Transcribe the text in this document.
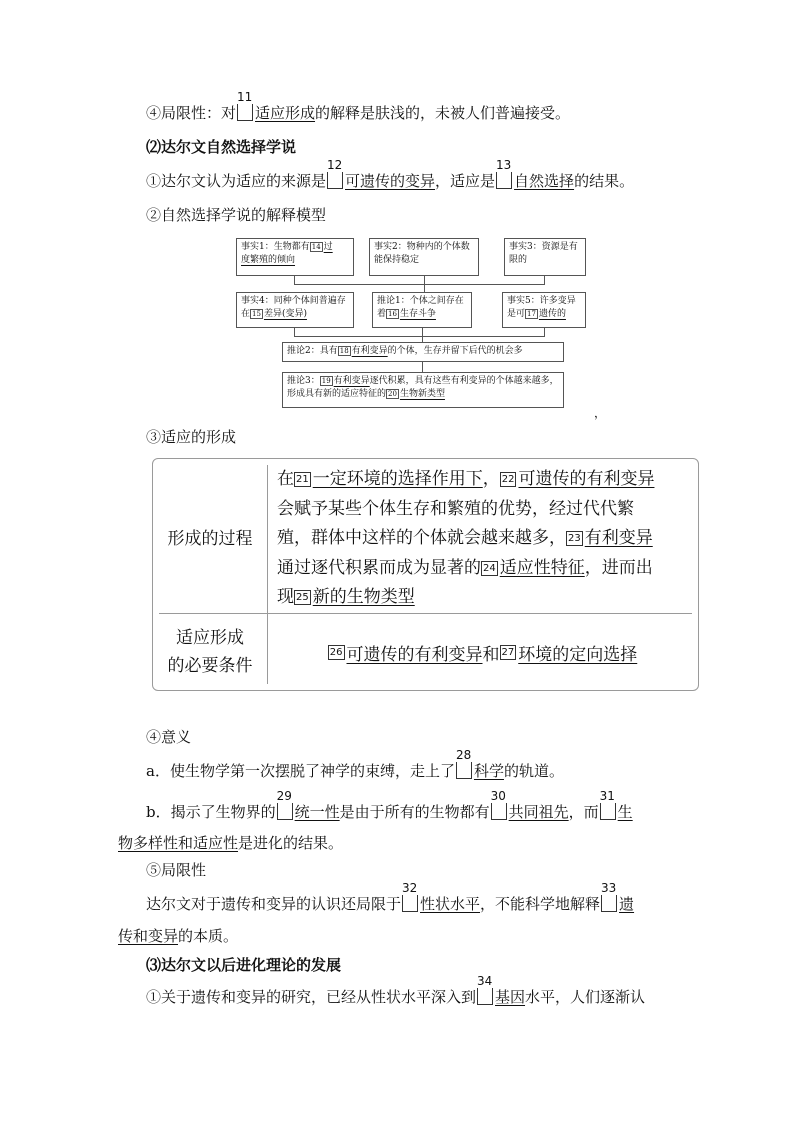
④局限性：对
11
适应形成的解释是肤浅的，未被人们普遍接受。
⑵达尔文自然选择学说
①达尔文认为适应的来源是
12
可遗传的变异，适应是
13
自然选择的结果。
②自然选择学说的解释模型
事实1：生物都有 14 过
度繁殖的倾向
事实2：物种内的个体数能保持稳定
事实3：资源是有限的
事实4：同种个体间普遍存在 15 差异(变异)
推论1：个体之间存在着 16 生存斗争
事实5：许多变异是可 17 遗传的
推论2：具有 18 有利变异的个体，生存并留下后代的机会多
推论3： 19 有利变异逐代积累，具有这些有利变异的个体越来越多，形成具有新的适应特征的 20 生物新类型
，
③适应的形成
形成的过程
在 21 一定环境的选择作用下， 22 可遗传的有利变异
会赋予某些个体生存和繁殖的优势，经过代代繁
殖，群体中这样的个体就会越来越多， 23 有利变异
通过逐代积累而成为显著的 24 适应性特征，进而出
现 25 新的生物类型
适应形成
的必要条件
26 可遗传的有利变异 和 27 环境的定向选择
④意义
a．使生物学第一次摆脱了神学的束缚，走上了
28
科学的轨道。
b．揭示了生物界的
29
统一性是由于所有的生物都有
30
共同祖先，而
31
生
物多样性和适应性是进化的结果。
⑤局限性
达尔文对于遗传和变异的认识还局限于
32
性状水平，不能科学地解释
33
遗
传和变异的本质。
⑶达尔文以后进化理论的发展
①关于遗传和变异的研究，已经从性状水平深入到
34
基因水平，人们逐渐认
